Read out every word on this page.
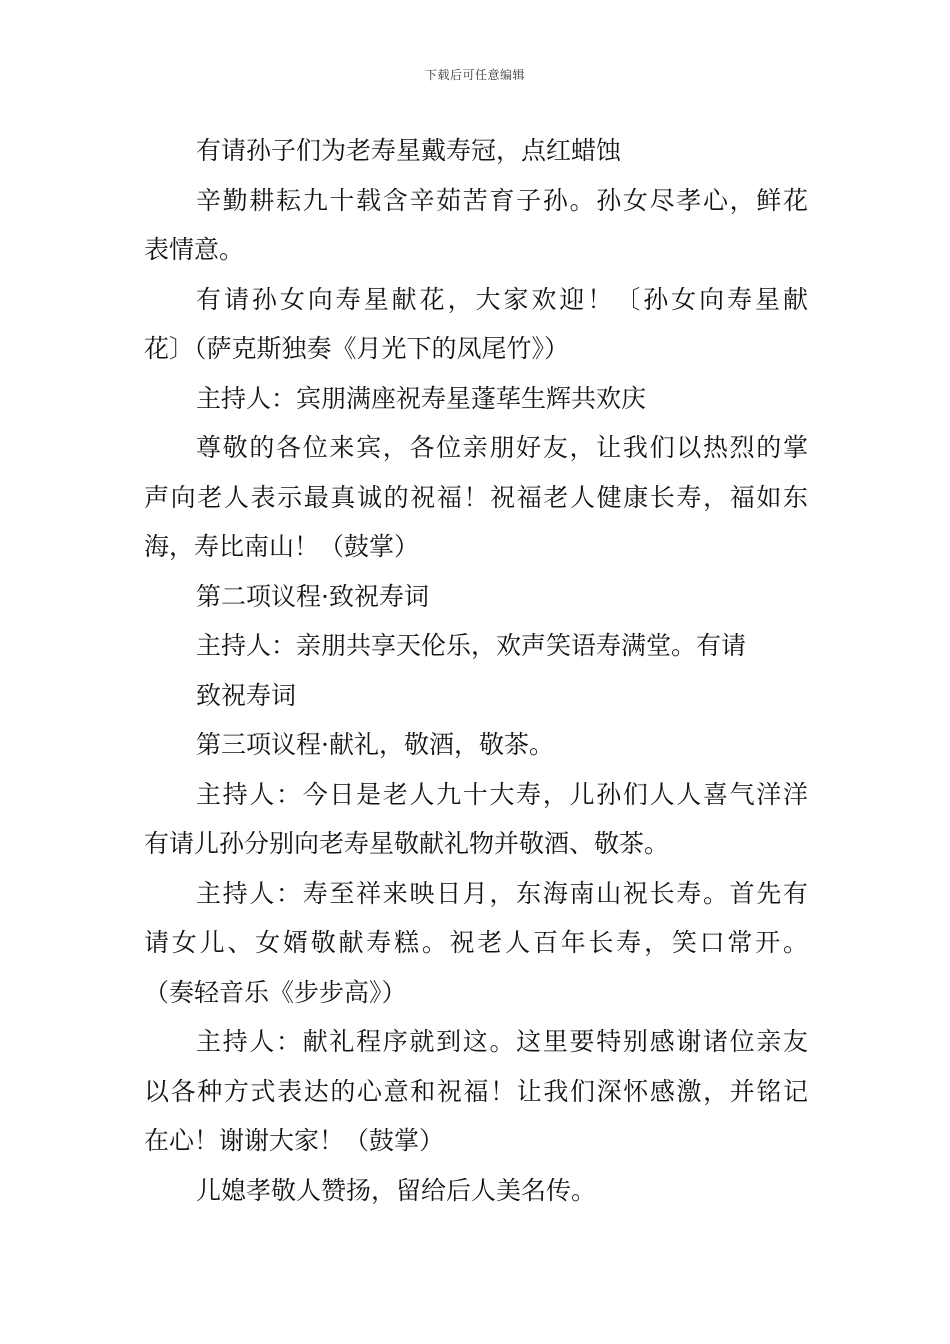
下载后可任意编辑

有请孙子们为老寿星戴寿冠，点红蜡蚀

辛勤耕耘九十载含辛茹苦育子孙。孙女尽孝心，鲜花
表情意。

有请孙女向寿星献花，大家欢迎！〔孙女向寿星献
花〕（萨克斯独奏《月光下的凤尾竹》）

主持人：宾朋满座祝寿星蓬荜生辉共欢庆

尊敬的各位来宾，各位亲朋好友，让我们以热烈的掌
声向老人表示最真诚的祝福！祝福老人健康长寿，福如东
海，寿比南山！（鼓掌）

第二项议程·致祝寿词

主持人：亲朋共享天伦乐，欢声笑语寿满堂。有请

致祝寿词

第三项议程·献礼，敬酒，敬茶。

主持人：今日是老人九十大寿，儿孙们人人喜气洋洋
有请儿孙分别向老寿星敬献礼物并敬酒、敬茶。

主持人：寿至祥来映日月，东海南山祝长寿。首先有
请女儿、女婿敬献寿糕。祝老人百年长寿，笑口常开。
（奏轻音乐《步步高》）

主持人：献礼程序就到这。这里要特别感谢诸位亲友
以各种方式表达的心意和祝福！让我们深怀感激，并铭记
在心！谢谢大家！（鼓掌）

儿媳孝敬人赞扬，留给后人美名传。
